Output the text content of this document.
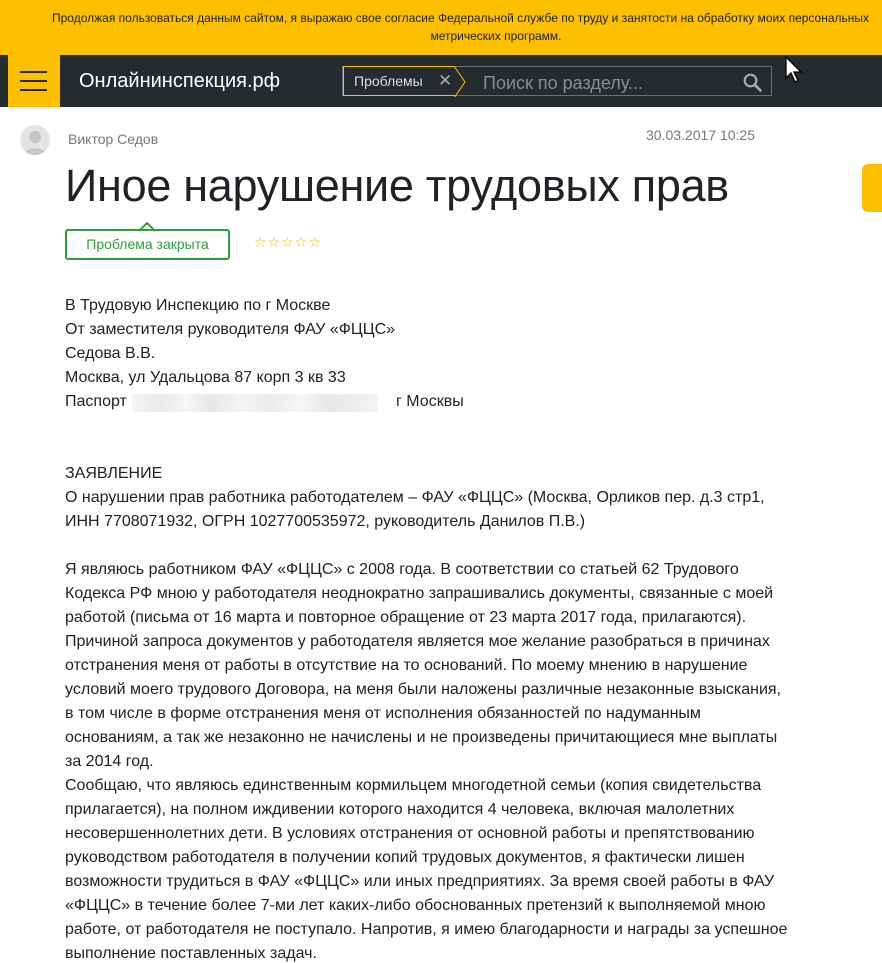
Продолжая пользоваться данным сайтом, я выражаю свое согласие Федеральной службе по труду и занятости на обработку моих персональных
метрических программ.
Онлайнинспекция.рф	Проблемы ✕
Поиск по разделу...
Виктор Седов	30.03.2017 10:25
Иное нарушение трудовых прав
Проблема закрыта	☆ ☆ ☆ ☆ ☆
В Трудовую Инспекцию по г Москве
От заместителя руководителя ФАУ «ФЦЦС»
Седова В.В.
Москва, ул Удальцова 87 корп 3 кв 33
Паспорт	г Москвы
ЗАЯВЛЕНИЕ
О нарушении прав работника работодателем – ФАУ «ФЦЦС» (Москва, Орликов пер. д.3 стр1,
ИНН 7708071932, ОГРН 1027700535972, руководитель Данилов П.В.)
Я являюсь работником ФАУ «ФЦЦС» с 2008 года. В соответствии со статьей 62 Трудового
Кодекса РФ мною у работодателя неоднократно запрашивались документы, связанные с моей
работой (письма от 16 марта и повторное обращение от 23 марта 2017 года, прилагаются).
Причиной запроса документов у работодателя является мое желание разобраться в причинах
отстранения меня от работы в отсутствие на то оснований. По моему мнению в нарушение
условий моего трудового Договора, на меня были наложены различные незаконные взыскания,
в том числе в форме отстранения меня от исполнения обязанностей по надуманным
основаниям, а так же незаконно не начислены и не произведены причитающиеся мне выплаты
за 2014 год.
Сообщаю, что являюсь единственным кормильцем многодетной семьи (копия свидетельства
прилагается), на полном иждивении которого находится 4 человека, включая малолетних
несовершеннолетних дети. В условиях отстранения от основной работы и препятствованию
руководством работодателя в получении копий трудовых документов, я фактически лишен
возможности трудиться в ФАУ «ФЦЦС» или иных предприятиях. За время своей работы в ФАУ
«ФЦЦС» в течение более 7-ми лет каких-либо обоснованных претензий к выполняемой мною
работе, от работодателя не поступало. Напротив, я имею благодарности и награды за успешное
выполнение поставленных задач.
